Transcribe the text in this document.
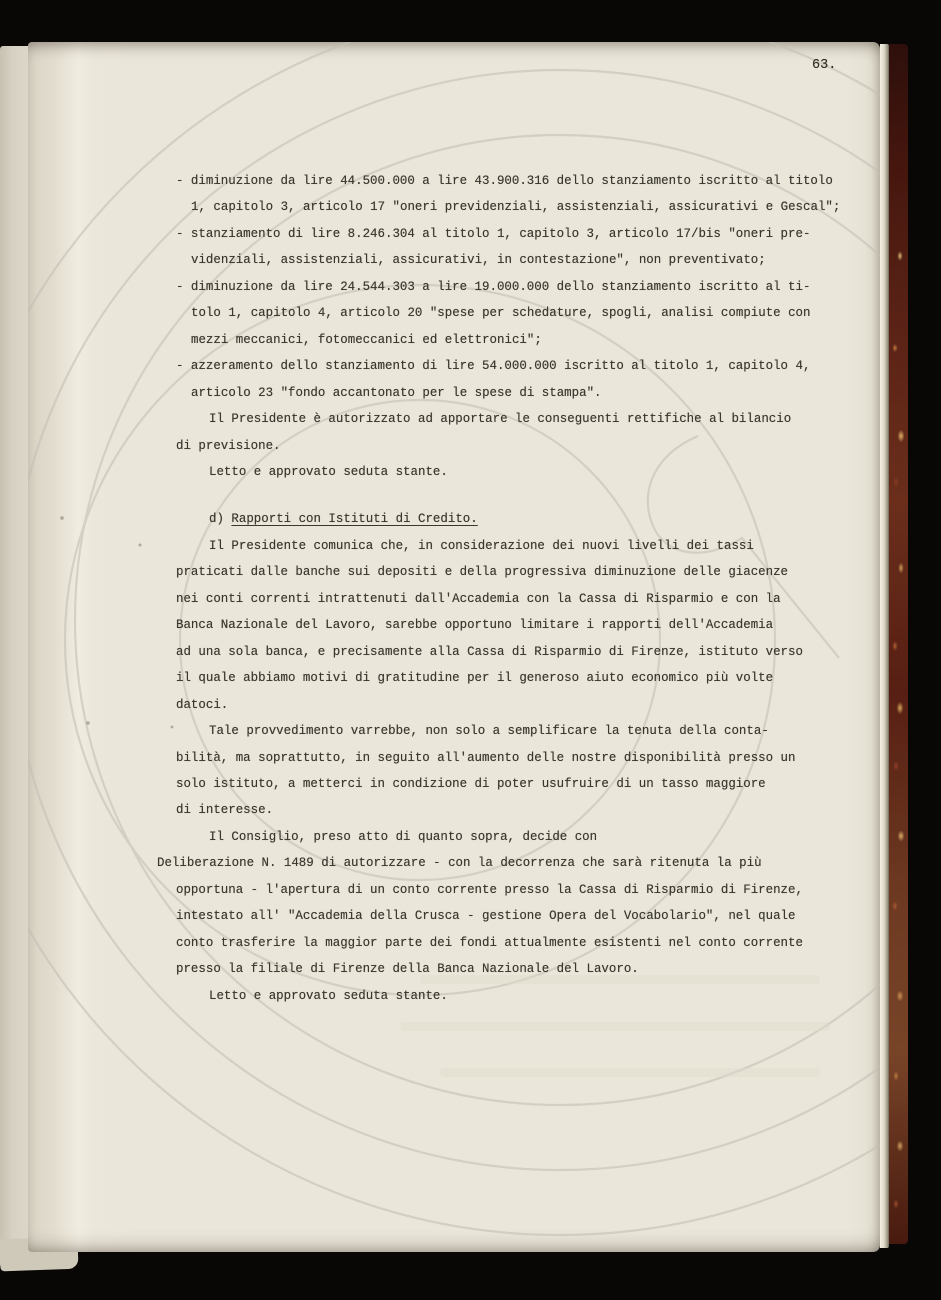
63.
- diminuzione da lire 44.500.000 a lire 43.900.316 dello stanziamento iscritto al titolo
1, capitolo 3, articolo 17 "oneri previdenziali, assistenziali, assicurativi e Gescal";
- stanziamento di lire 8.246.304 al titolo 1, capitolo 3, articolo 17/bis "oneri pre-
videnziali, assistenziali, assicurativi, in contestazione", non preventivato;
- diminuzione da lire 24.544.303 a lire 19.000.000 dello stanziamento iscritto al ti-
tolo 1, capitolo 4, articolo 20 "spese per schedature, spogli, analisi compiute con
mezzi meccanici, fotomeccanici ed elettronici";
- azzeramento dello stanziamento di lire 54.000.000 iscritto al titolo 1, capitolo 4,
articolo 23 "fondo accantonato per le spese di stampa".
Il Presidente è autorizzato ad apportare le conseguenti rettifiche al bilancio
di previsione.
Letto e approvato seduta stante.
d) Rapporti con Istituti di Credito.
Il Presidente comunica che, in considerazione dei nuovi livelli dei tassi
praticati dalle banche sui depositi e della progressiva diminuzione delle giacenze
nei conti correnti intrattenuti dall'Accademia con la Cassa di Risparmio e con la
Banca Nazionale del Lavoro, sarebbe opportuno limitare i rapporti dell'Accademia
ad una sola banca, e precisamente alla Cassa di Risparmio di Firenze, istituto verso
il quale abbiamo motivi di gratitudine per il generoso aiuto economico più volte
datoci.
Tale provvedimento varrebbe, non solo a semplificare la tenuta della conta-
bilità, ma soprattutto, in seguito all'aumento delle nostre disponibilità presso un
solo istituto, a metterci in condizione di poter usufruire di un tasso maggiore
di interesse.
Il Consiglio, preso atto di quanto sopra, decide con
Deliberazione N. 1489 di autorizzare - con la decorrenza che sarà ritenuta la più
opportuna - l'apertura di un conto corrente presso la Cassa di Risparmio di Firenze,
intestato all' "Accademia della Crusca - gestione Opera del Vocabolario", nel quale
conto trasferire la maggior parte dei fondi attualmente esistenti nel conto corrente
presso la filiale di Firenze della Banca Nazionale del Lavoro.
Letto e approvato seduta stante.
